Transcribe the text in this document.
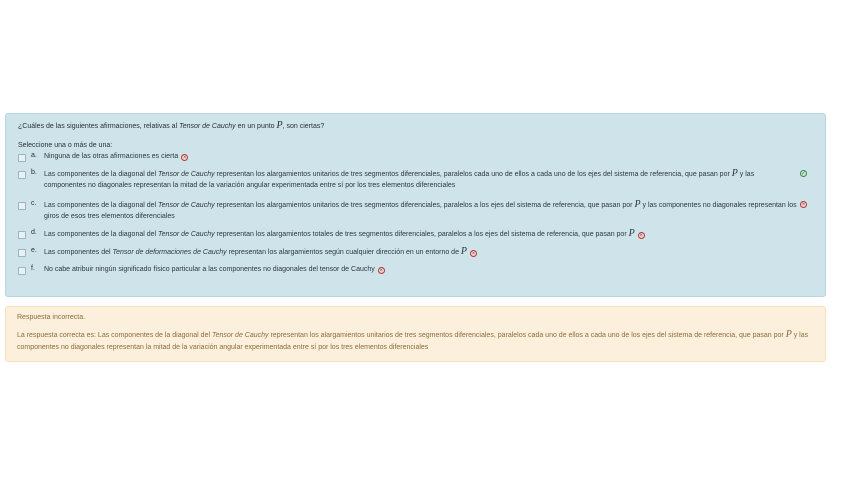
¿Cuáles de las siguientes afirmaciones, relativas al Tensor de Cauchy en un punto P, son ciertas?
Seleccione una o más de una:
a.	Ninguna de las otras afirmaciones es cierta ×
b.	Las componentes de la diagonal del Tensor de Cauchy representan los alargamientos unitarios de tres segmentos diferenciales, paralelos cada uno de ellos a cada uno de los ejes del sistema de referencia, que pasan por P y las componentes no diagonales representan la mitad de la variación angular experimentada entre sí por los tres elementos diferenciales
✓
c.	Las componentes de la diagonal del Tensor de Cauchy representan los alargamientos unitarios de tres segmentos diferenciales, paralelos a los ejes del sistema de referencia, que pasan por P y las componentes no diagonales representan los giros de esos tres elementos diferenciales
×
d.	Las componentes de la diagonal del Tensor de Cauchy representan los alargamientos totales de tres segmentos diferenciales, paralelos a los ejes del sistema de referencia, que pasan por P ×
e.	Las componentes del Tensor de deformaciones de Cauchy representan los alargamientos según cualquier dirección en un entorno de P ×
f.	No cabe atribuir ningún significado físico particular a las componentes no diagonales del tensor de Cauchy ×
Respuesta incorrecta.
La respuesta correcta es: Las componentes de la diagonal del Tensor de Cauchy representan los alargamientos unitarios de tres segmentos diferenciales, paralelos cada uno de ellos a cada uno de los ejes del sistema de referencia, que pasan por P y las componentes no diagonales representan la mitad de la variación angular experimentada entre sí por los tres elementos diferenciales
